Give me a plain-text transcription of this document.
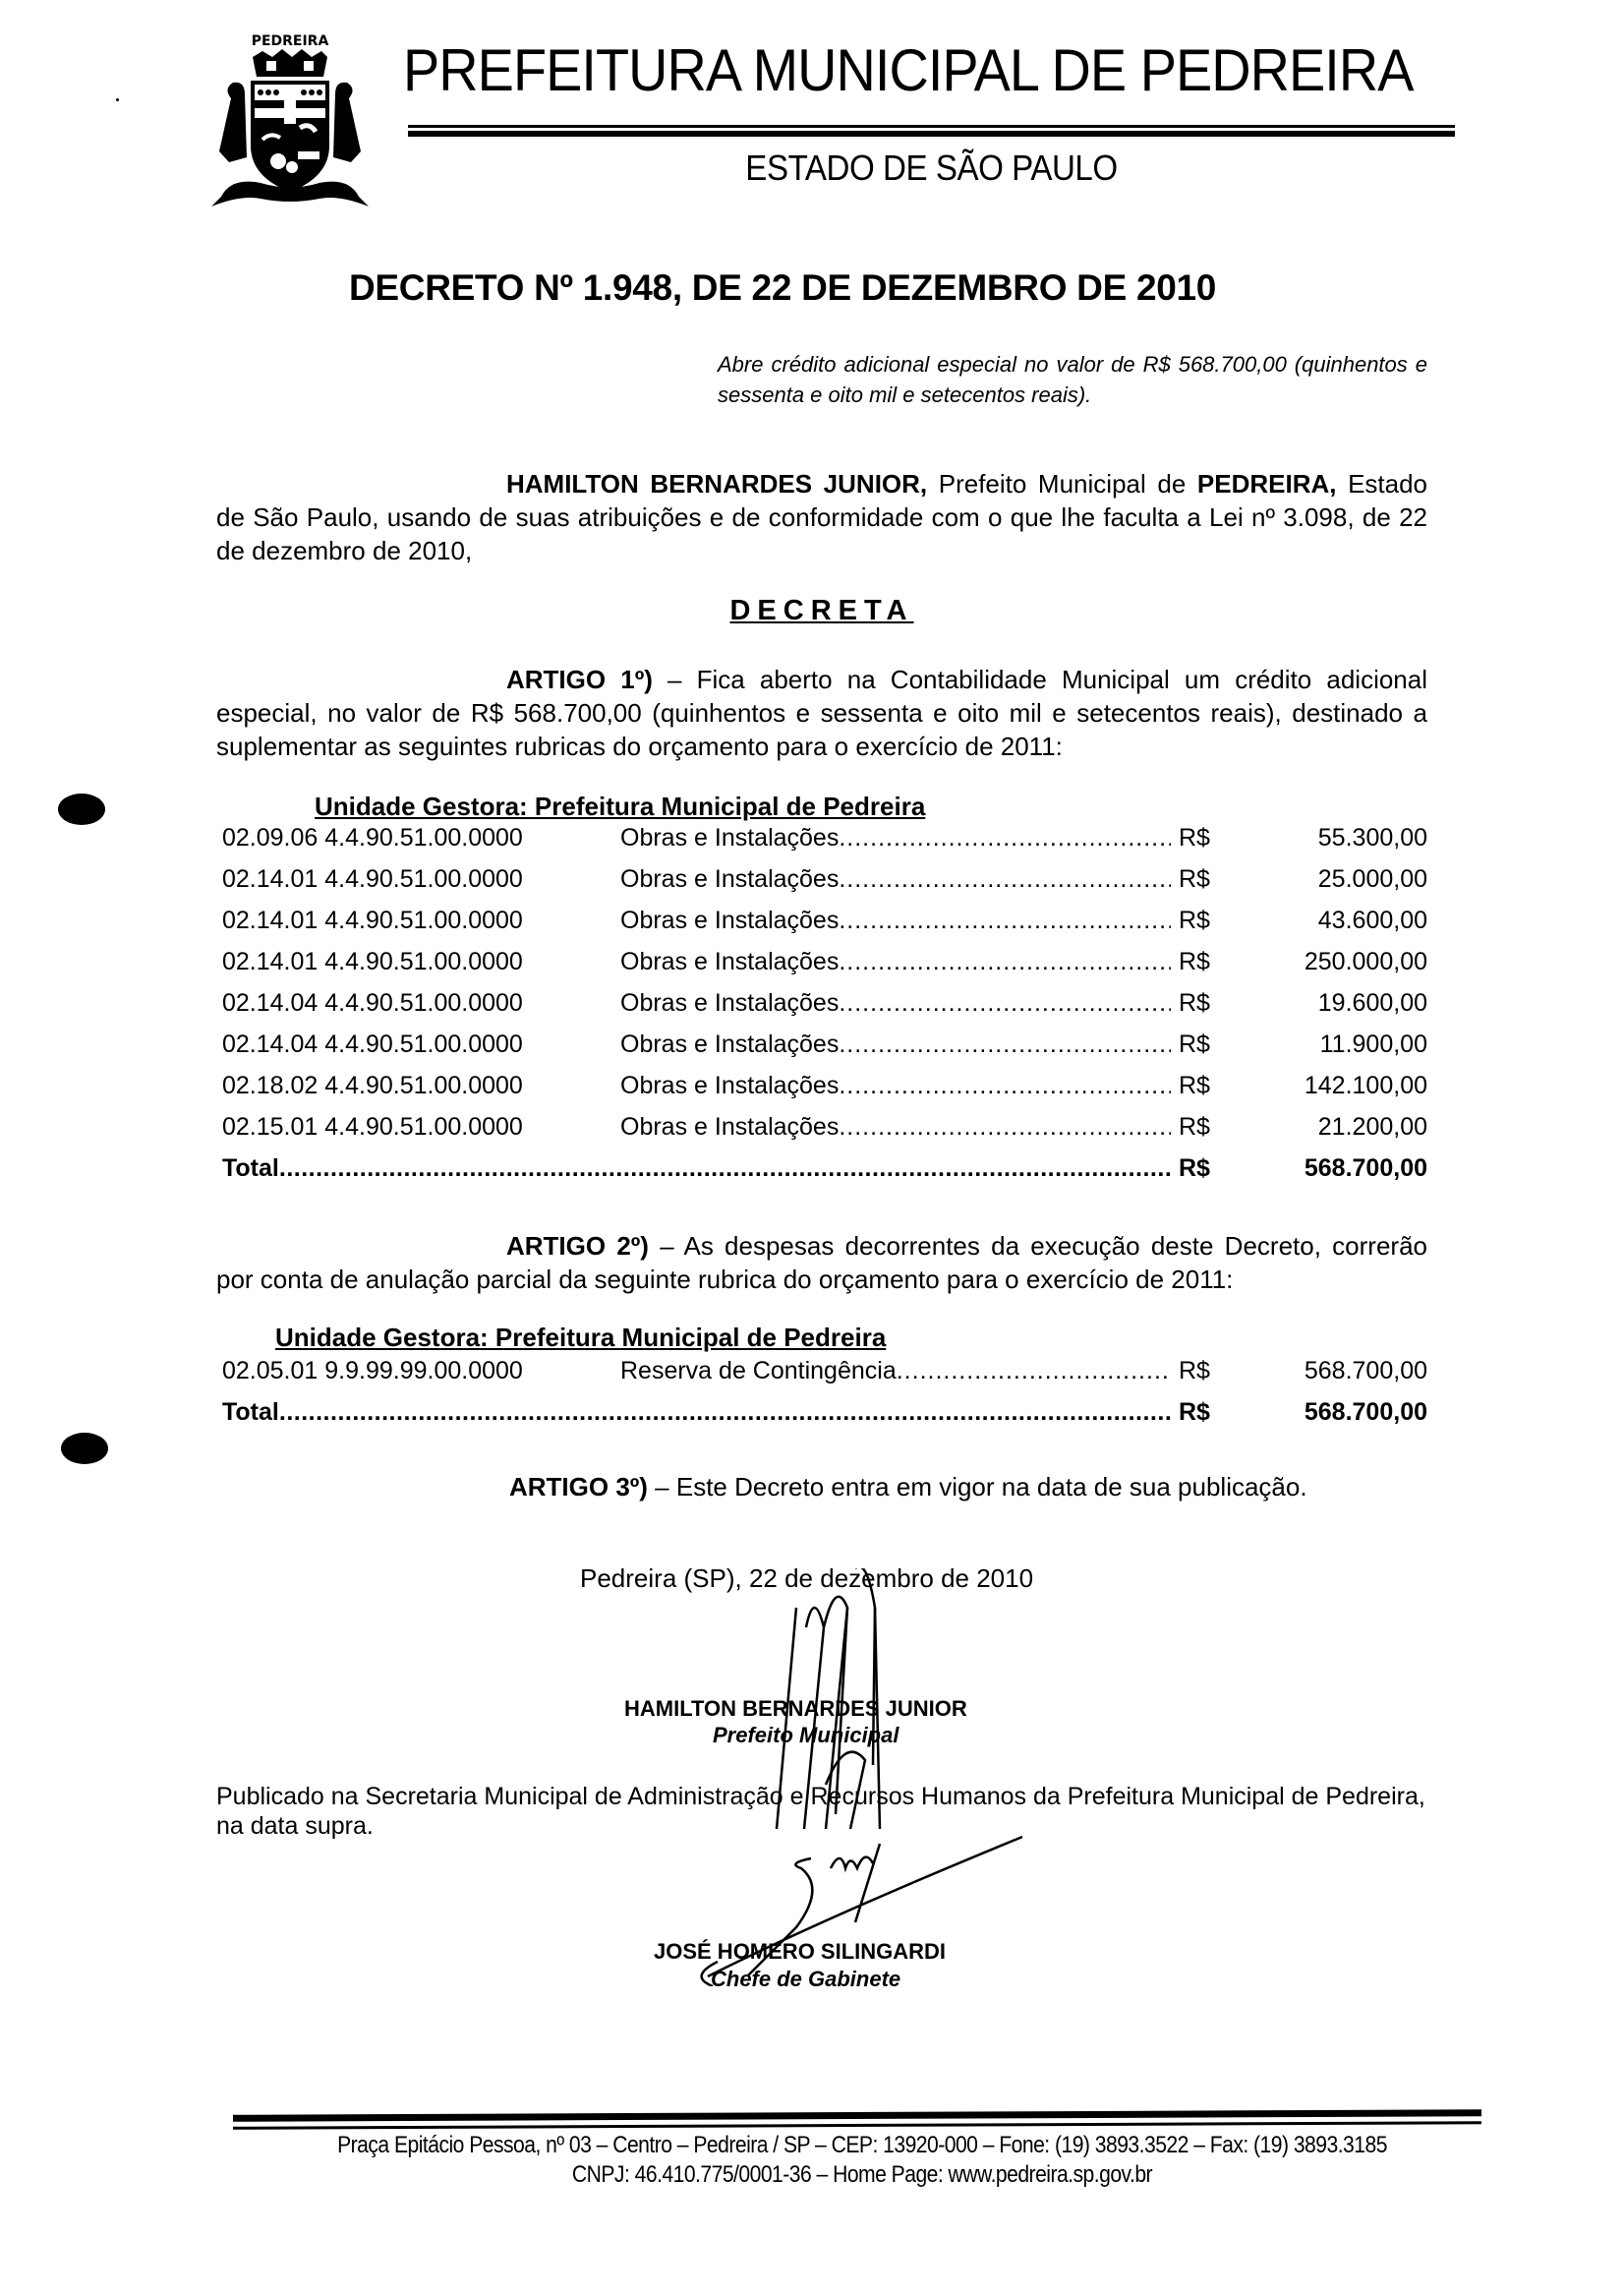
PEDREIRA PREFEITURA MUNICIPAL DE PEDREIRA
ESTADO DE SÃO PAULO
DECRETO Nº 1.948, DE 22 DE DEZEMBRO DE 2010
Abre crédito adicional especial no valor de R$ 568.700,00 (quinhentos e sessenta e oito mil e setecentos reais).
HAMILTON BERNARDES JUNIOR, Prefeito Municipal de PEDREIRA, Estado de São Paulo, usando de suas atribuições e de conformidade com o que lhe faculta a Lei nº 3.098, de 22 de dezembro de 2010,
DECRETA
ARTIGO 1º) – Fica aberto na Contabilidade Municipal um crédito adicional especial, no valor de R$ 568.700,00 (quinhentos e sessenta e oito mil e setecentos reais), destinado a suplementar as seguintes rubricas do orçamento para o exercício de 2011:
Unidade Gestora: Prefeitura Municipal de Pedreira
02.09.06 4.4.90.51.00.0000	Obras e Instalações .....	R$	55.300,00
02.14.01 4.4.90.51.00.0000	Obras e Instalações .....	R$	25.000,00
02.14.01 4.4.90.51.00.0000	Obras e Instalações .....	R$	43.600,00
02.14.01 4.4.90.51.00.0000	Obras e Instalações .....	R$	250.000,00
02.14.04 4.4.90.51.00.0000	Obras e Instalações .....	R$	19.600,00
02.14.04 4.4.90.51.00.0000	Obras e Instalações .....	R$	11.900,00
02.18.02 4.4.90.51.00.0000	Obras e Instalações .....	R$	142.100,00
02.15.01 4.4.90.51.00.0000	Obras e Instalações .....	R$	21.200,00
Total .....	R$	568.700,00
ARTIGO 2º) – As despesas decorrentes da execução deste Decreto, correrão por conta de anulação parcial da seguinte rubrica do orçamento para o exercício de 2011:
Unidade Gestora: Prefeitura Municipal de Pedreira
02.05.01 9.9.99.99.00.0000	Reserva de Contingência .....	R$	568.700,00
Total .....	R$	568.700,00
ARTIGO 3º) – Este Decreto entra em vigor na data de sua publicação.
Pedreira (SP), 22 de dezembro de 2010
HAMILTON BERNARDES JUNIOR
Prefeito Municipal
Publicado na Secretaria Municipal de Administração e Recursos Humanos da Prefeitura Municipal de Pedreira, na data supra.
JOSÉ HOMERO SILINGARDI
Chefe de Gabinete
Praça Epitácio Pessoa, nº 03 – Centro – Pedreira / SP – CEP: 13920-000 – Fone: (19) 3893.3522 – Fax: (19) 3893.3185
CNPJ: 46.410.775/0001-36 – Home Page: www.pedreira.sp.gov.br
